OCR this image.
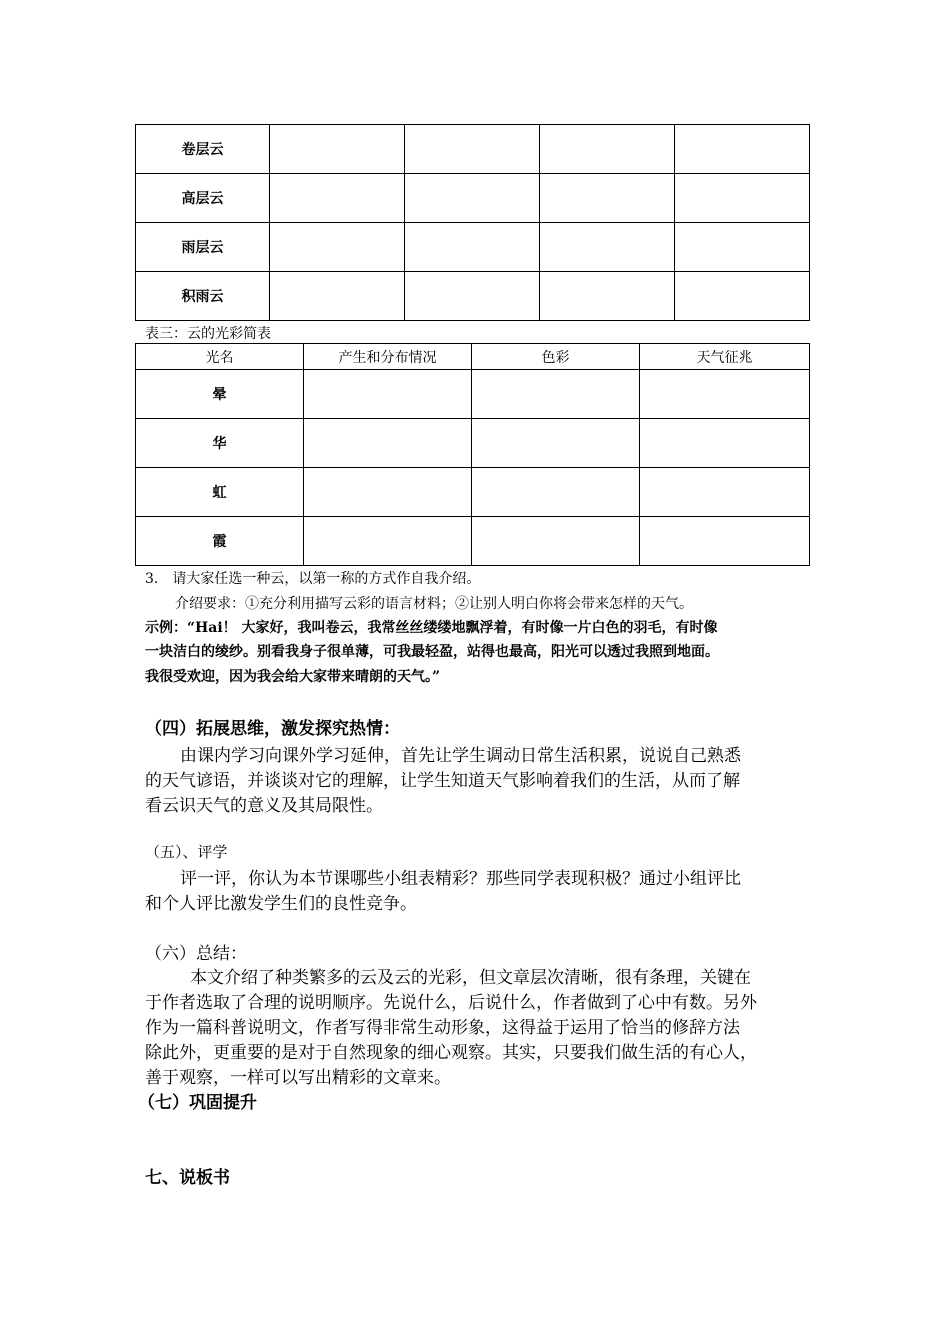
卷层云				
高层云				
雨层云				
积雨云				
表三：云的光彩简表
光名	产生和分布情况	色彩	天气征兆
晕			
华			
虹			
霞			
3． 请大家任选一种云，以第一称的方式作自我介绍。
介绍要求：①充分利用描写云彩的语言材料；②让别人明白你将会带来怎样的天气。
示例：“Hai！ 大家好，我叫卷云，我常丝丝缕缕地飘浮着，有时像一片白色的羽毛，有时像
一块洁白的绫纱。别看我身子很单薄，可我最轻盈，站得也最高，阳光可以透过我照到地面。
我很受欢迎，因为我会给大家带来晴朗的天气。”
（四）拓展思维，激发探究热情：
由课内学习向课外学习延伸，首先让学生调动日常生活积累，说说自己熟悉
的天气谚语，并谈谈对它的理解，让学生知道天气影响着我们的生活，从而了解
看云识天气的意义及其局限性。
（五）、评学
评一评，你认为本节课哪些小组表精彩？那些同学表现积极？通过小组评比
和个人评比激发学生们的良性竞争。
（六）总结：
本文介绍了种类繁多的云及云的光彩，但文章层次清晰，很有条理，关键在
于作者选取了合理的说明顺序。先说什么，后说什么，作者做到了心中有数。另外
作为一篇科普说明文，作者写得非常生动形象，这得益于运用了恰当的修辞方法
除此外，更重要的是对于自然现象的细心观察。其实，只要我们做生活的有心人，
善于观察，一样可以写出精彩的文章来。
（七）巩固提升
七、说板书
